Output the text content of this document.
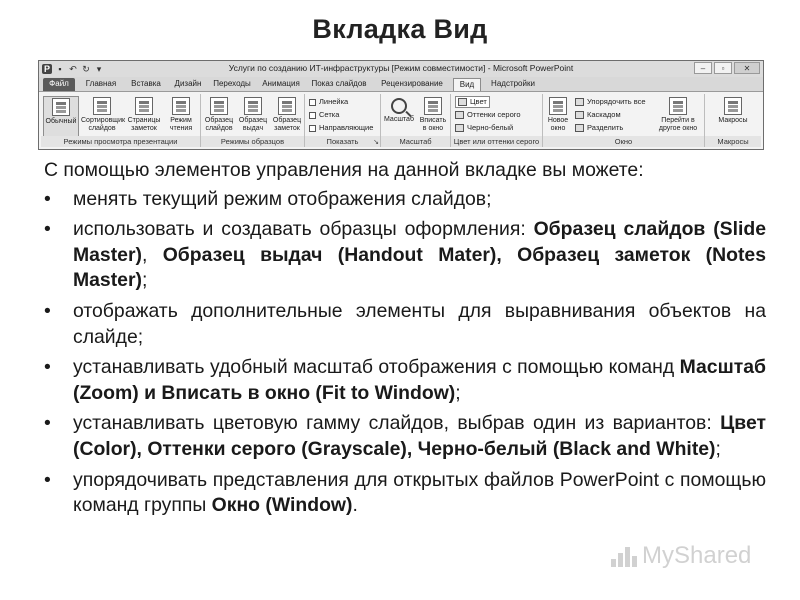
Вкладка Вид
P ▪ ↶ ↻ ▾	Услуги по созданию ИТ-инфраструктуры [Режим совместимости] - Microsoft PowerPoint	–	▫	✕
Файл	Главная	Вставка	Дизайн	Переходы	Анимация	Показ слайдов	Рецензирование	Вид	Надстройки
Обычный Сортировщик слайдов
Страницы заметок
Режим чтения
Режимы просмотра презентации
Образец слайдов
Образец выдач
Образец заметок
Режимы образцов
Линейка
Сетка
Направляющие
Показать	↘
Масштаб Вписать в окно
Масштаб
Цвет
Оттенки серого
Черно-белый
Цвет или оттенки серого
Новое окно
Упорядочить все
Каскадом
Разделить
Перейти в другое окно
Окно
Макросы
Макросы

С помощью элементов управления на данной вкладке вы можете:

• менять текущий режим отображения слайдов;
• использовать и создавать образцы оформления: Образец слайдов (Slide Master), Образец выдач (Handout Mater), Образец заметок (Notes Master);
• отображать дополнительные элементы для выравнивания объектов на слайде;
• устанавливать удобный масштаб отображения с помощью команд Масштаб (Zoom) и Вписать в окно (Fit to Window);
• устанавливать цветовую гамму слайдов, выбрав один из вариантов: Цвет (Color), Оттенки серого (Grayscale), Черно-белый (Black and White);
• упорядочивать представления для открытых файлов PowerPoint с помощью команд группы Окно (Window).
MyShared
